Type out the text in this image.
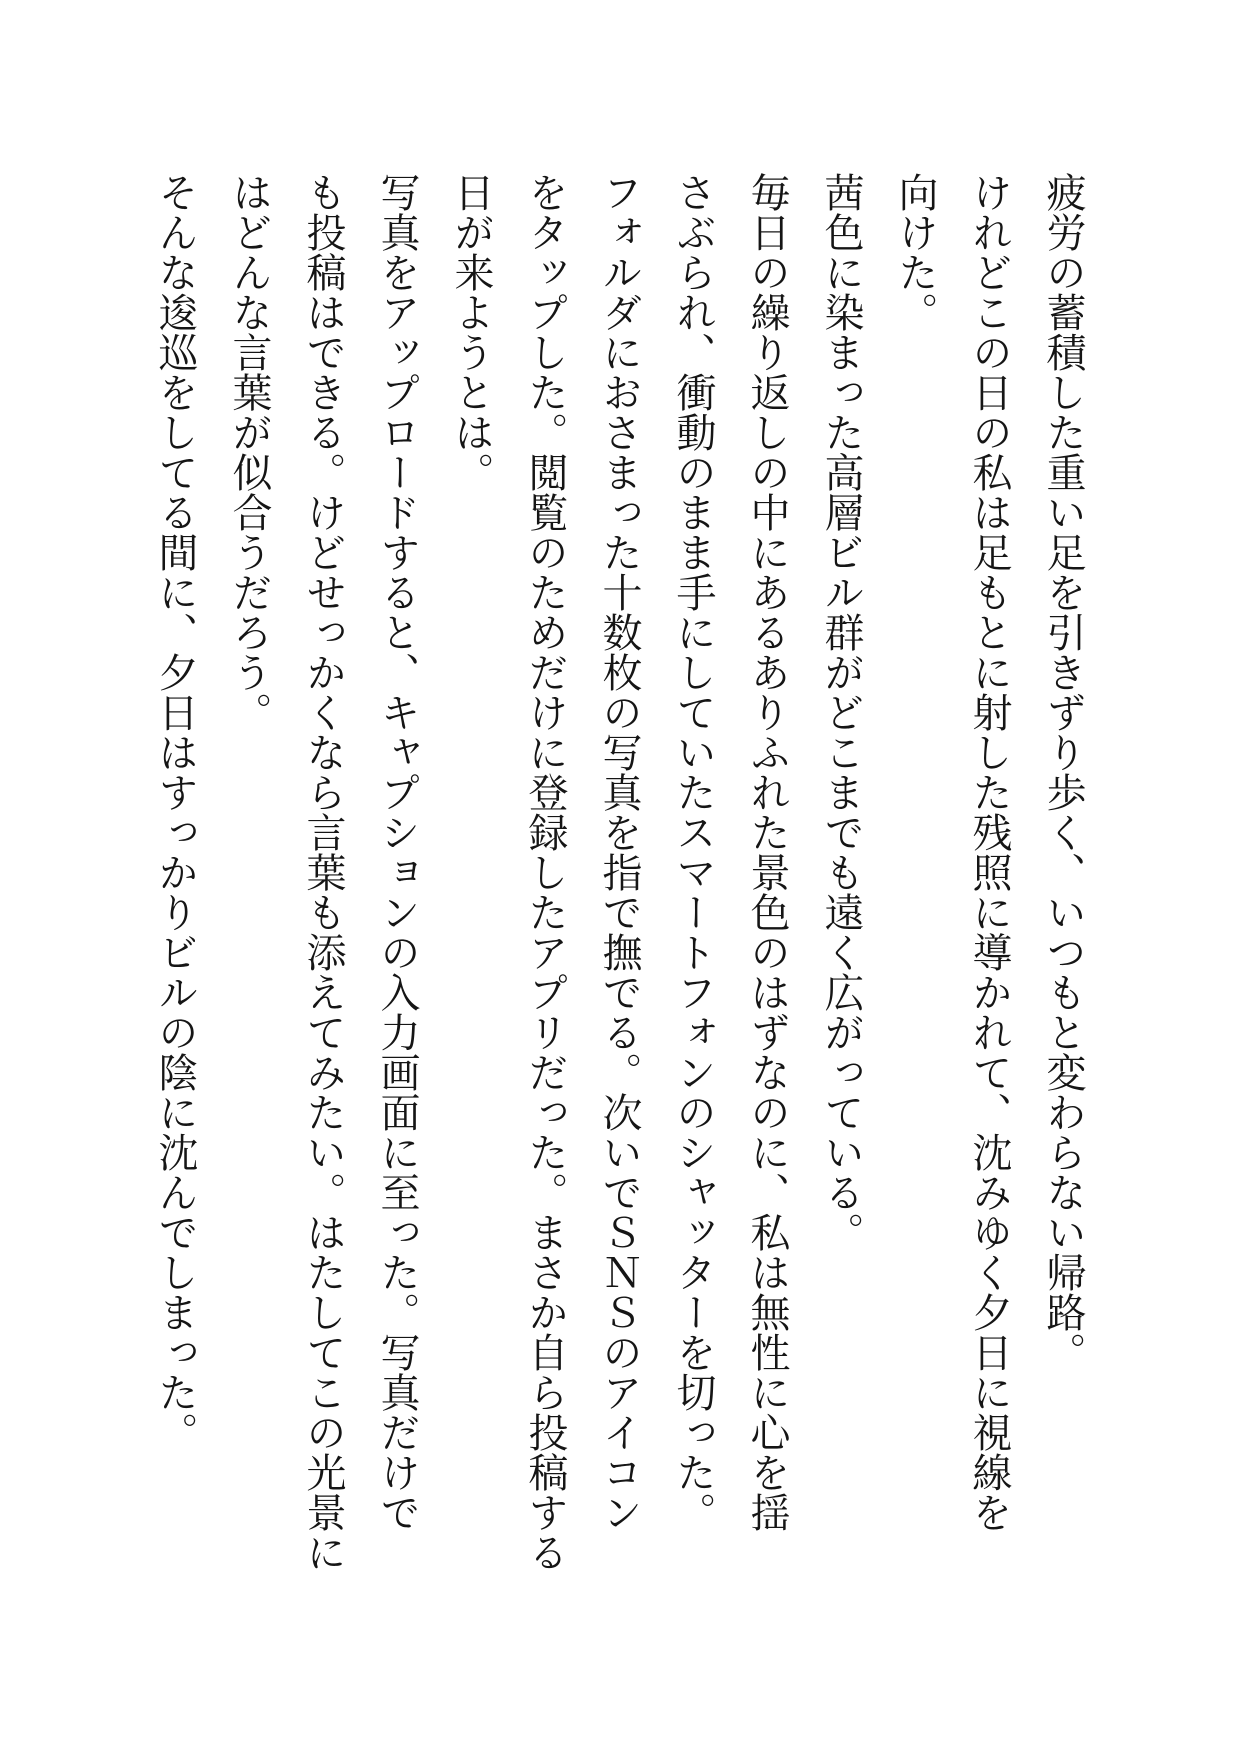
疲労の蓄積した重い足を引きずり歩く、いつもと変わらない帰路。

けれどこの日の私は足もとに射した残照に導かれて、沈みゆく夕日に視線を

向けた。

茜色に染まった高層ビル群がどこまでも遠く広がっている。

毎日の繰り返しの中にあるありふれた景色のはずなのに、私は無性に心を揺

さぶられ、衝動のまま手にしていたスマートフォンのシャッターを切った。

フォルダにおさまった十数枚の写真を指で撫でる。次いでＳＮＳのアイコン

をタップした。閲覧のためだけに登録したアプリだった。まさか自ら投稿する

日が来ようとは。

写真をアップロードすると、キャプションの入力画面に至った。写真だけで

も投稿はできる。けどせっかくなら言葉も添えてみたい。はたしてこの光景に

はどんな言葉が似合うだろう。

そんな逡巡をしてる間に、夕日はすっかりビルの陰に沈んでしまった。
